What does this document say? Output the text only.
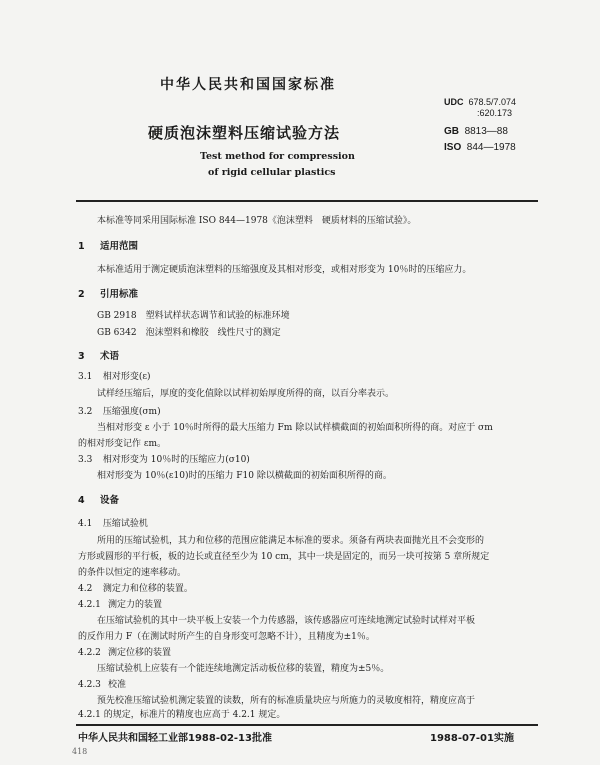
中华人民共和国国家标准
硬质泡沫塑料压缩试验方法
Test method for compression
of rigid cellular plastics
UDC 678.5/7.074
:620.173
GB 8813—88
ISO 844—1978
本标准等同采用国际标准 ISO 844—1978《泡沫塑料　硬质材料的压缩试验》。
1 适用范围
本标准适用于测定硬质泡沫塑料的压缩强度及其相对形变，或相对形变为 10％时的压缩应力。
2 引用标准
GB 2918　塑料试样状态调节和试验的标准环境
GB 6342　泡沫塑料和橡胶　线性尺寸的测定
3 术语
3.1 相对形变(ε)
试样经压缩后，厚度的变化值除以试样初始厚度所得的商，以百分率表示。
3.2 压缩强度(σm)
当相对形变 ε 小于 10％时所得的最大压缩力 Fm 除以试样横截面的初始面积所得的商。对应于 σm
的相对形变记作 εm。
3.3 相对形变为 10％时的压缩应力(σ10)
相对形变为 10％(ε10)时的压缩力 F10 除以横截面的初始面积所得的商。
4 设备
4.1 压缩试验机
所用的压缩试验机，其力和位移的范围应能满足本标准的要求。须备有两块表面抛光且不会变形的
方形或圆形的平行板，板的边长或直径至少为 10 cm，其中一块是固定的，而另一块可按第 5 章所规定
的条件以恒定的速率移动。
4.2 测定力和位移的装置。
4.2.1 测定力的装置
在压缩试验机的其中一块平板上安装一个力传感器，该传感器应可连续地测定试验时试样对平板
的反作用力 F（在测试时所产生的自身形变可忽略不计），且精度为±1％。
4.2.2 测定位移的装置
压缩试验机上应装有一个能连续地测定活动板位移的装置，精度为±5％。
4.2.3 校准
预先校准压缩试验机测定装置的读数，所有的标准质量块应与所施力的灵敏度相符，精度应高于
4.2.1 的规定，标准片的精度也应高于 4.2.1 规定。
中华人民共和国轻工业部1988-02-13批准	1988-07-01实施
418
